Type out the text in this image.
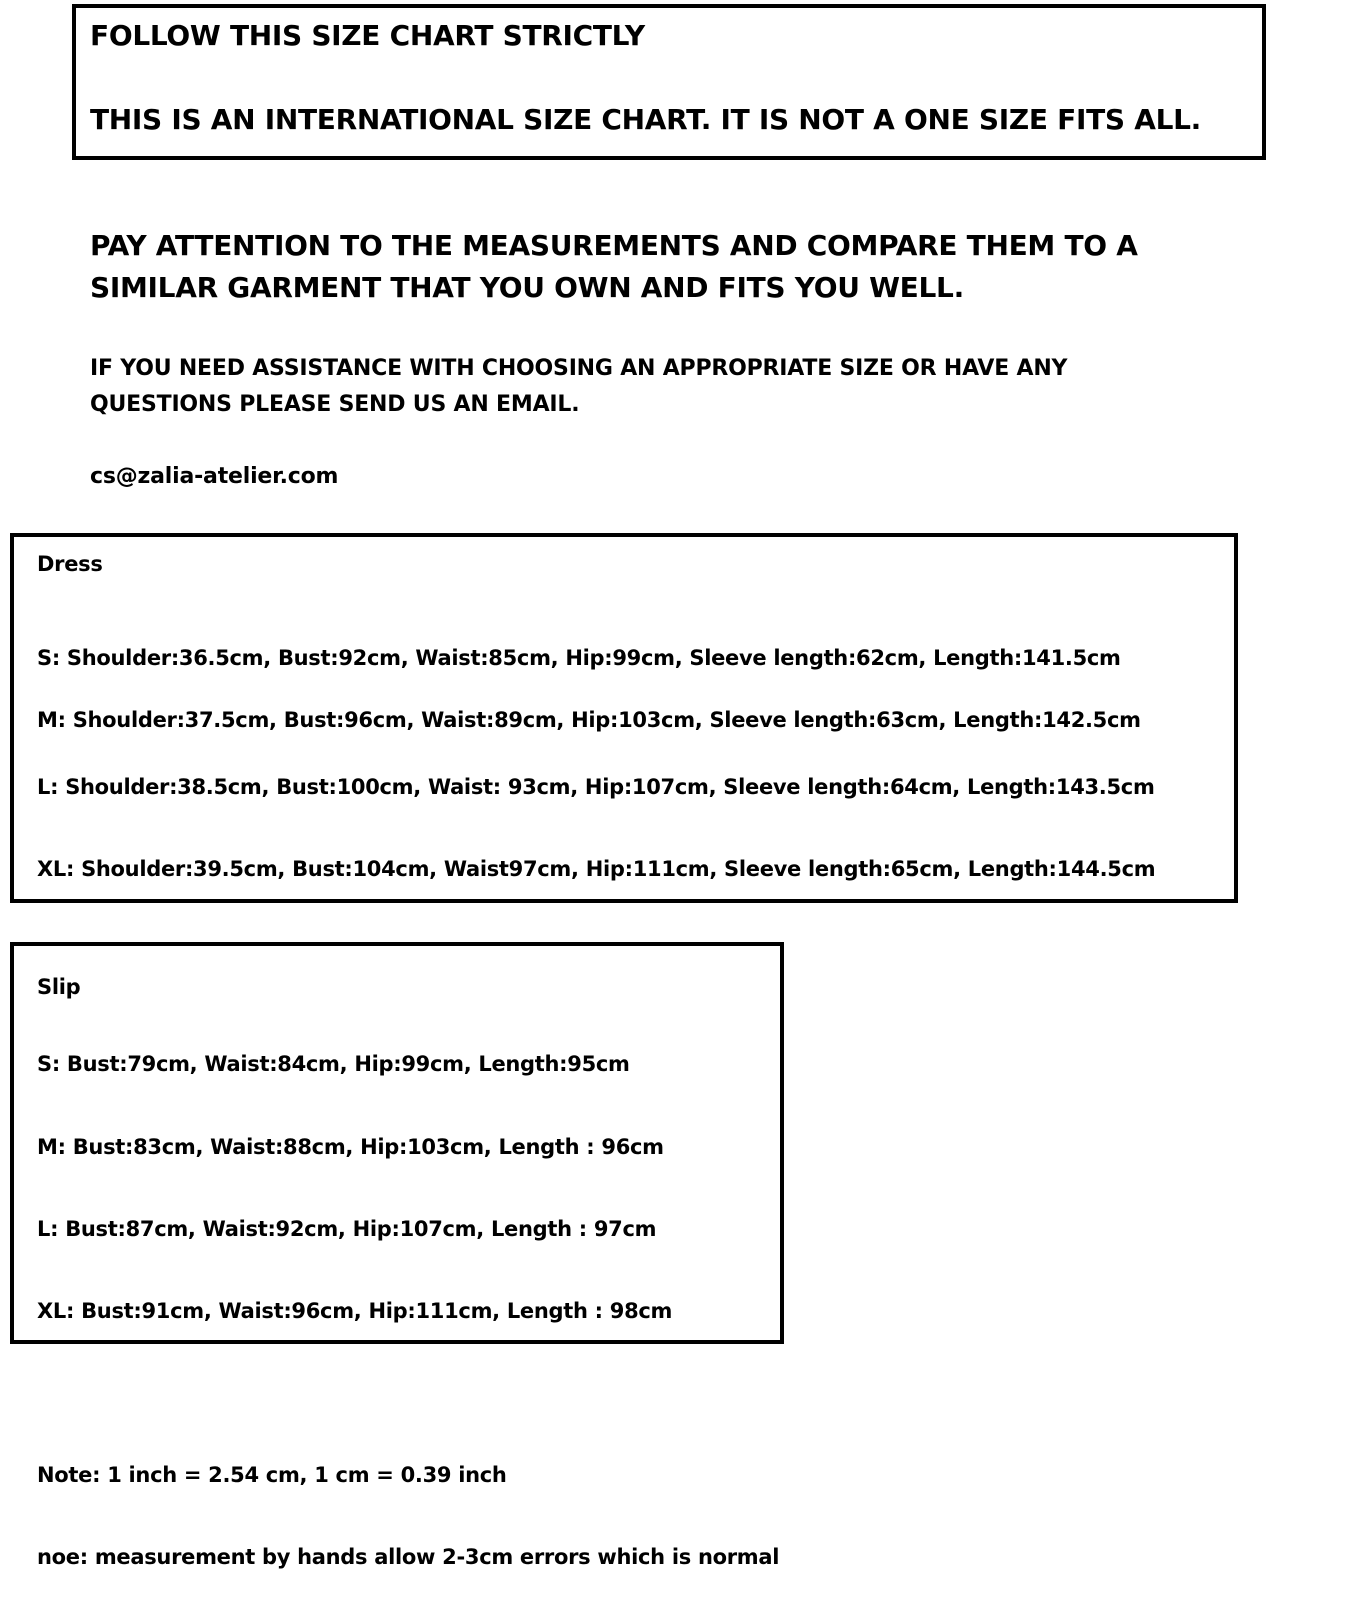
FOLLOW THIS SIZE CHART STRICTLY
THIS IS AN INTERNATIONAL SIZE CHART. IT IS NOT A ONE SIZE FITS ALL.
PAY ATTENTION TO THE MEASUREMENTS AND COMPARE THEM TO A
SIMILAR GARMENT THAT YOU OWN AND FITS YOU WELL.
IF YOU NEED ASSISTANCE WITH CHOOSING AN APPROPRIATE SIZE OR HAVE ANY
QUESTIONS PLEASE SEND US AN EMAIL.
cs@zalia-atelier.com
Dress
S: Shoulder:36.5cm, Bust:92cm, Waist:85cm, Hip:99cm, Sleeve length:62cm, Length:141.5cm
M: Shoulder:37.5cm, Bust:96cm, Waist:89cm, Hip:103cm, Sleeve length:63cm, Length:142.5cm
L: Shoulder:38.5cm, Bust:100cm, Waist: 93cm, Hip:107cm, Sleeve length:64cm, Length:143.5cm
XL: Shoulder:39.5cm, Bust:104cm, Waist97cm, Hip:111cm, Sleeve length:65cm, Length:144.5cm
Slip
S: Bust:79cm, Waist:84cm, Hip:99cm, Length:95cm
M: Bust:83cm, Waist:88cm, Hip:103cm, Length : 96cm
L: Bust:87cm, Waist:92cm, Hip:107cm, Length : 97cm
XL: Bust:91cm, Waist:96cm, Hip:111cm, Length : 98cm
Note: 1 inch = 2.54 cm, 1 cm = 0.39 inch
noe: measurement by hands allow 2-3cm errors which is normal
